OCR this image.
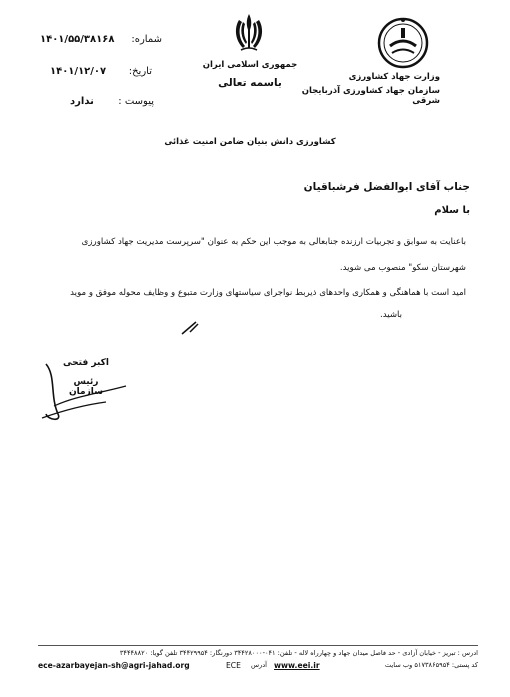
۱۴۰۱/۵۵/۳۸۱۶۸ شماره:
۱۴۰۱/۱۲/۰۷ تاریخ:
ندارد پیوست :
جمهوری اسلامی ایران
باسمه تعالی	وزارت جهاد کشاورزی
سازمان جهاد کشاورزی آذربایجان شرقی
کشاورزی دانش بنیان ضامن امنیت غذائی
جناب آقای ابوالفضل فرشباقیان
با سلام
باعنایت به سوابق و تجربیات ارزنده جنابعالی به موجب این حکم به عنوان "سرپرست مدیریت جهاد کشاورزی
شهرستان سکو" منصوب می شوید.
امید است با هماهنگی و همکاری واحدهای ذیربط نواجرای سیاستهای وزارت متبوع و وظایف محوله موفق و موید
باشید.
اکبر فتحی
رئیس سازمان
ادرس : تبریز - خیابان آزادی - حد فاصل میدان جهاد و چهارراه لاله - تلفن: ۰۴۱-۳۴۴۲۸۰۰۰ دورنگار: ۳۴۴۲۹۹۵۴ تلفن گویا: ۳۴۴۴۸۸۲۰
ece-azarbayejan-sh@agri-jahad.org	ECE آدرس www.eei.ir	کد پستی: ۵۱۷۳۸۶۵۹۵۴ وب سایت
